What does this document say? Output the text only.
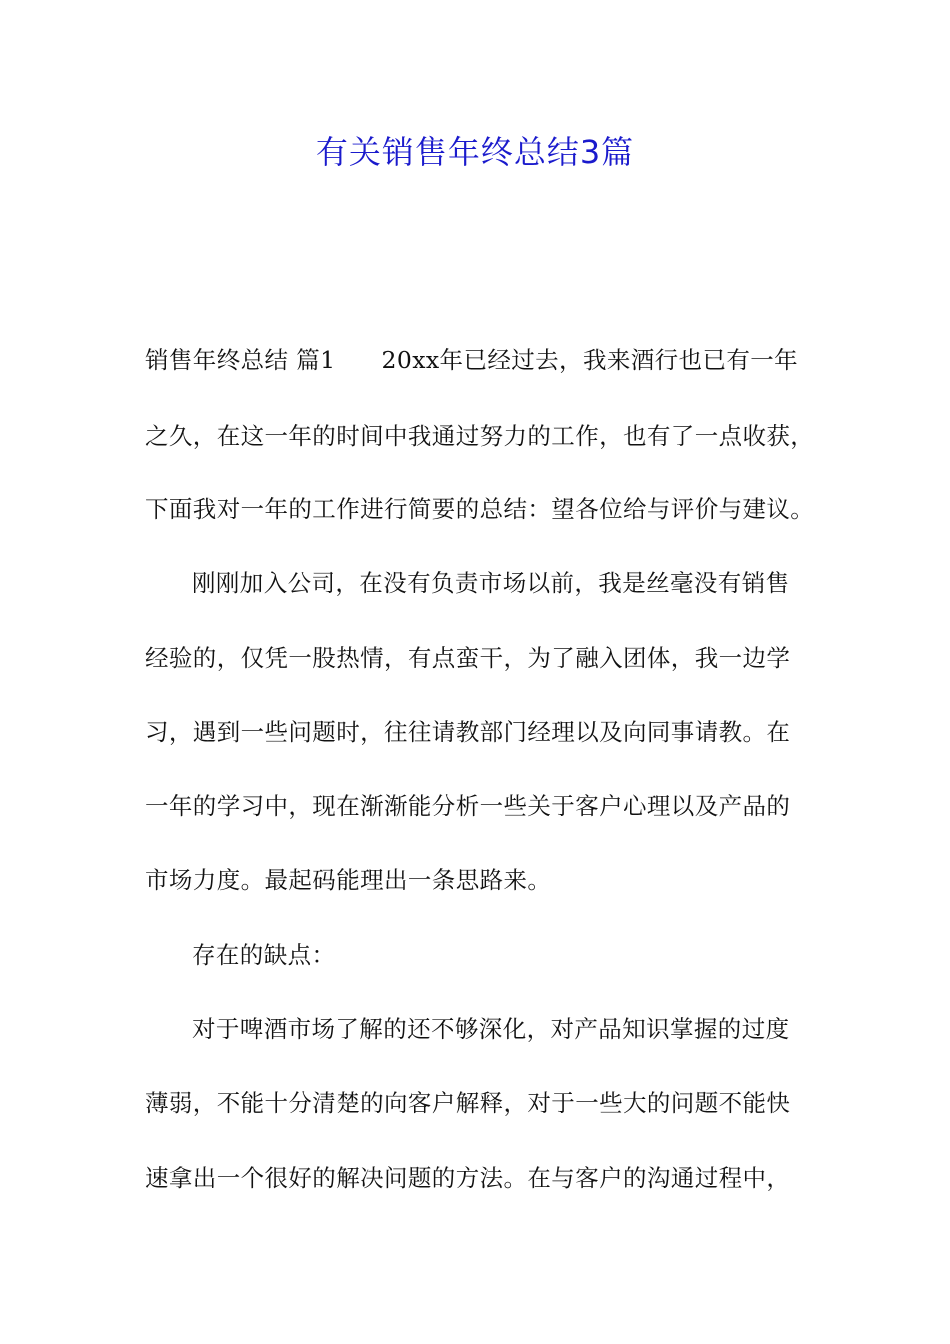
有关销售年终总结3篇
销售年终总结 篇1 20xx年已经过去，我来酒行也已有一年
之久，在这一年的时间中我通过努力的工作，也有了一点收获，
下面我对一年的工作进行简要的总结：望各位给与评价与建议。
刚刚加入公司，在没有负责市场以前，我是丝毫没有销售
经验的，仅凭一股热情，有点蛮干，为了融入团体，我一边学
习，遇到一些问题时，往往请教部门经理以及向同事请教。在
一年的学习中，现在渐渐能分析一些关于客户心理以及产品的
市场力度。最起码能理出一条思路来。
存在的缺点：
对于啤酒市场了解的还不够深化，对产品知识掌握的过度
薄弱，不能十分清楚的向客户解释，对于一些大的问题不能快
速拿出一个很好的解决问题的方法。在与客户的沟通过程中，
